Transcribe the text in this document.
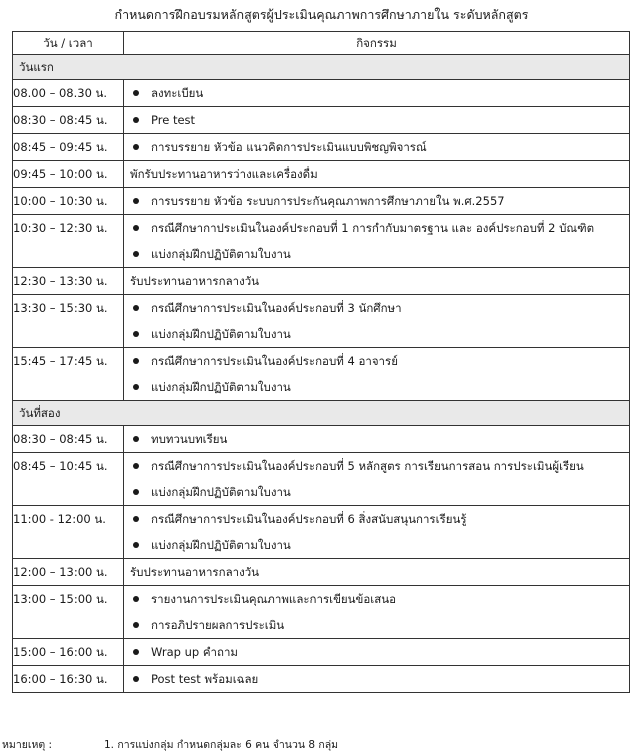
กำหนดการฝึกอบรมหลักสูตรผู้ประเมินคุณภาพการศึกษาภายใน ระดับหลักสูตร
วัน / เวลา	กิจกรรม
วันแรก	
08.00 – 08.30 น.	ลงทะเบียน

08:30 – 08:45 น.	Pre test

08:45 – 09:45 น.	การบรรยาย หัวข้อ แนวคิดการประเมินแบบพิชญพิจารณ์

09:45 – 10:00 น.	พักรับประทานอาหารว่างและเครื่องดื่ม
10:00 – 10:30 น.	การบรรยาย หัวข้อ ระบบการประกันคุณภาพการศึกษาภายใน พ.ศ.2557

10:30 – 12:30 น.	กรณีศึกษากาประเมินในองค์ประกอบที่ 1 การกำกับมาตรฐาน และ องค์ประกอบที่ 2 บัณฑิต
แบ่งกลุ่มฝึกปฏิบัติตามใบงาน

12:30 – 13:30 น.	รับประทานอาหารกลางวัน
13:30 – 15:30 น.	กรณีศึกษาการประเมินในองค์ประกอบที่ 3 นักศึกษา
แบ่งกลุ่มฝึกปฏิบัติตามใบงาน

15:45 – 17:45 น.	กรณีศึกษาการประเมินในองค์ประกอบที่ 4 อาจารย์
แบ่งกลุ่มฝึกปฏิบัติตามใบงาน

วันที่สอง	
08:30 – 08:45 น.	ทบทวนบทเรียน

08:45 – 10:45 น.	กรณีศึกษาการประเมินในองค์ประกอบที่ 5 หลักสูตร การเรียนการสอน การประเมินผู้เรียน
แบ่งกลุ่มฝึกปฏิบัติตามใบงาน

11:00 - 12:00 น.	กรณีศึกษาการประเมินในองค์ประกอบที่ 6 สิ่งสนับสนุนการเรียนรู้
แบ่งกลุ่มฝึกปฏิบัติตามใบงาน

12:00 – 13:00 น.	รับประทานอาหารกลางวัน
13:00 – 15:00 น.	รายงานการประเมินคุณภาพและการเขียนข้อเสนอ
การอภิปรายผลการประเมิน

15:00 – 16:00 น.	Wrap up คำถาม

16:00 – 16:30 น.	Post test พร้อมเฉลย
หมายเหตุ :	1. การแบ่งกลุ่ม กำหนดกลุ่มละ 6 คน จำนวน 8 กลุ่ม
